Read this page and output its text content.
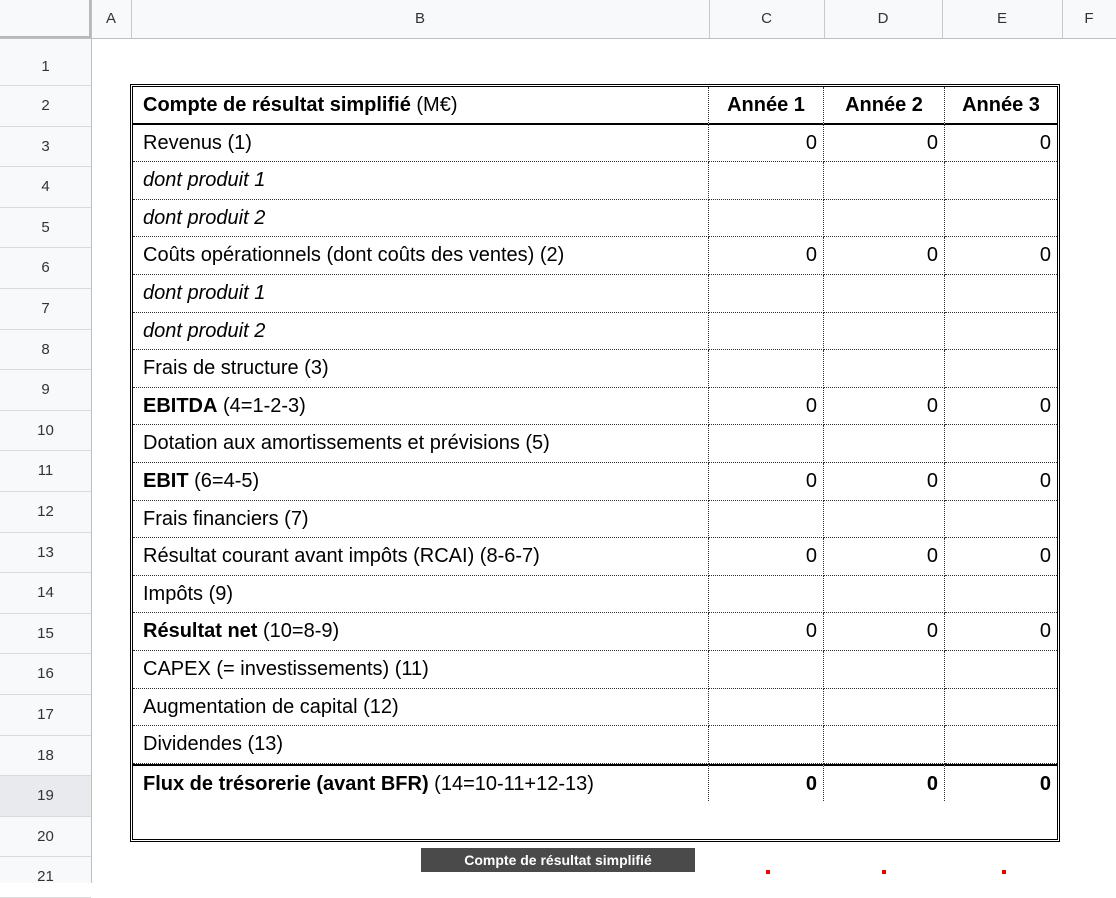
A	B	C	D	E	F
1
2
3
4
5
6
7
8
9
10
11
12
13
14
15
16
17
18
19
20
21
Compte de résultat simplifié (M€)	Année 1	Année 2	Année 3
Revenus (1)	0	0	0
dont produit 1
dont produit 2
Coûts opérationnels (dont coûts des ventes) (2)	0	0	0
dont produit 1
dont produit 2
Frais de structure (3)
EBITDA (4=1-2-3)	0	0	0
Dotation aux amortissements et prévisions (5)
EBIT (6=4-5)	0	0	0
Frais financiers (7)
Résultat courant avant impôts (RCAI) (8-6-7)	0	0	0
Impôts (9)
Résultat net (10=8-9)	0	0	0
CAPEX (= investissements) (11)
Augmentation de capital (12)
Dividendes (13)
Flux de trésorerie (avant BFR) (14=10-11+12-13)	0	0	0
Compte de résultat simplifié
